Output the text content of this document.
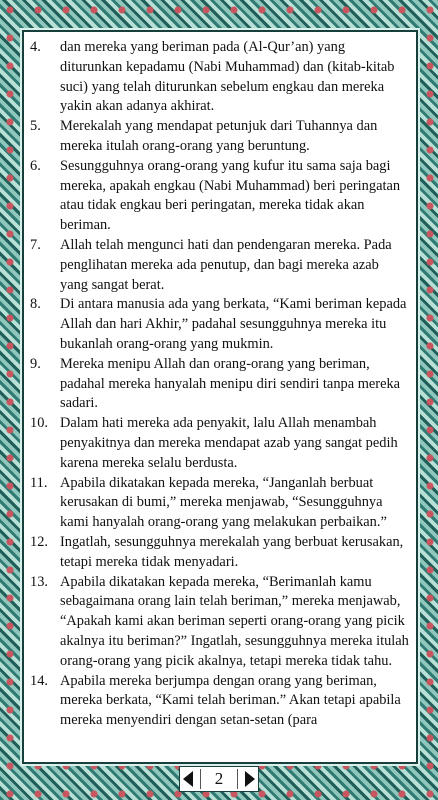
4.	dan mereka yang beriman pada (Al-Qur’an) yang diturunkan kepadamu (Nabi Muhammad) dan (kitab-kitab suci) yang telah diturunkan sebelum engkau dan mereka yakin akan adanya akhirat.
5.	Merekalah yang mendapat petunjuk dari Tuhannya dan mereka itulah orang-orang yang beruntung.
6.	Sesungguhnya orang-orang yang kufur itu sama saja bagi mereka, apakah engkau (Nabi Muhammad) beri peringatan atau tidak engkau beri peringatan, mereka tidak akan beriman.
7.	Allah telah mengunci hati dan pendengaran mereka. Pada penglihatan mereka ada penutup, dan bagi mereka azab yang sangat berat.
8.	Di antara manusia ada yang berkata, “Kami beriman kepada Allah dan hari Akhir,” padahal sesungguhnya mereka itu bukanlah orang-orang yang mukmin.
9.	Mereka menipu Allah dan orang-orang yang beriman, padahal mereka hanyalah menipu diri sendiri tanpa mereka sadari.
10. Dalam hati mereka ada penyakit, lalu Allah menambah penyakitnya dan mereka mendapat azab yang sangat pedih karena mereka selalu berdusta.
11. Apabila dikatakan kepada mereka, “Janganlah berbuat kerusakan di bumi,” mereka menjawab, “Sesungguhnya kami hanyalah orang-orang yang melakukan perbaikan.”
12. Ingatlah, sesungguhnya merekalah yang berbuat kerusakan, tetapi mereka tidak menyadari.
13. Apabila dikatakan kepada mereka, “Berimanlah kamu sebagaimana orang lain telah beriman,” mereka menjawab, “Apakah kami akan beriman seperti orang-orang yang picik akalnya itu beriman?” Ingatlah, sesungguhnya mereka itulah orang-orang yang picik akalnya, tetapi mereka tidak tahu.
14. Apabila mereka berjumpa dengan orang yang beriman, mereka berkata, “Kami telah beriman.” Akan tetapi apabila mereka menyendiri dengan setan-setan (para
2
